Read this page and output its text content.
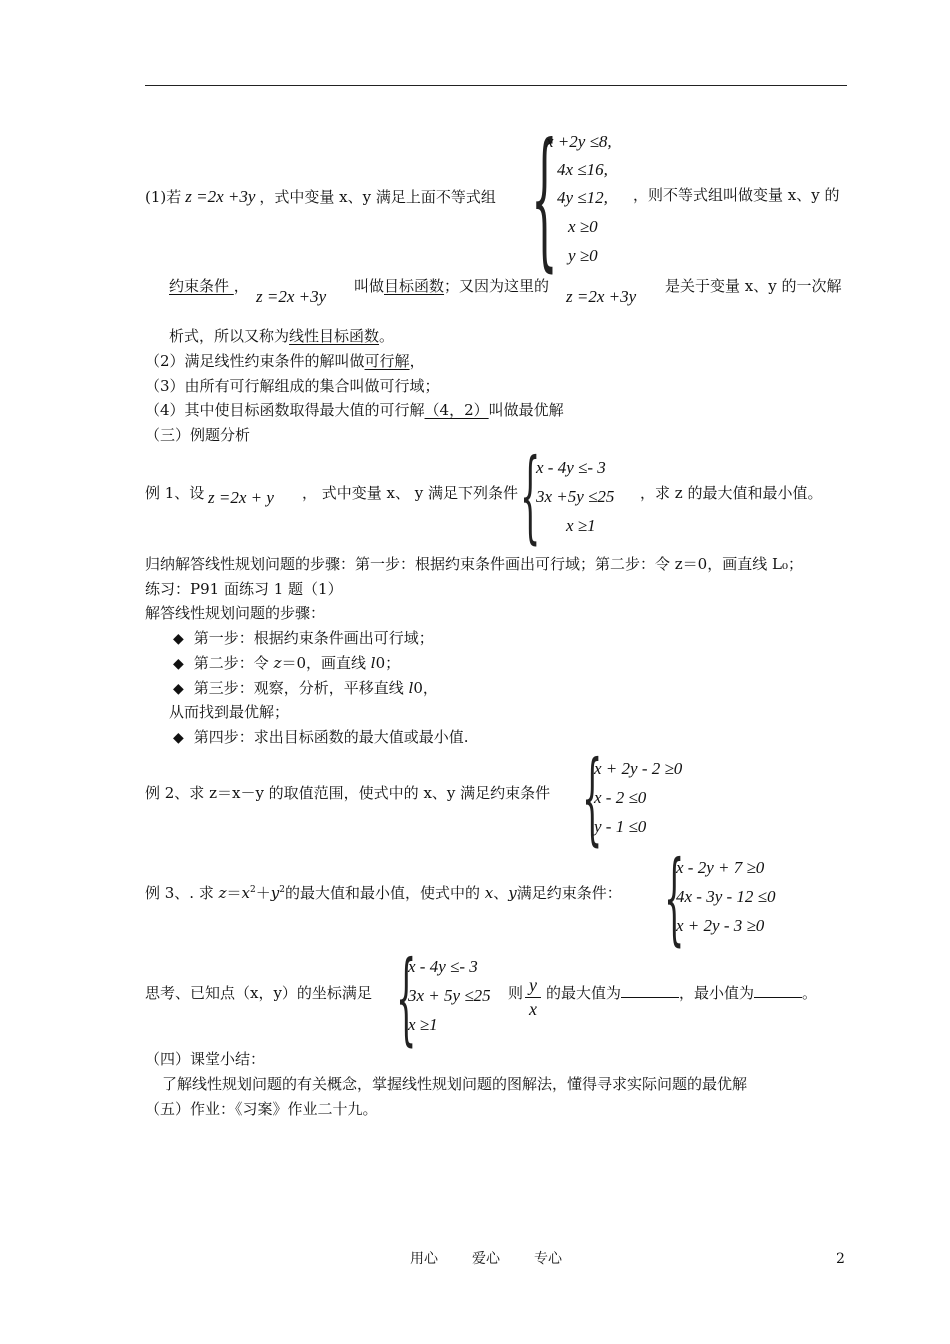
(1)若 z =2x +3y ，式中变量 x、y 满足上面不等式组 {
x +2y ≤8,
4x ≤16,
4y ≤12,
x ≥0
y ≥0
，则不等式组叫做变量 x、y 的
约束条件 ，
z =2x +3y
叫做目标函数；又因为这里的
z =2x +3y
是关于变量 x、y 的一次解
析式，所以又称为线性目标函数。
（2）满足线性约束条件的解叫做可行解，
（3）由所有可行解组成的集合叫做可行域；
（4）其中使目标函数取得最大值的可行解（4，2）叫做最优解
（三）例题分析
例 1、设 z =2x + y ， 式中变量 x、 y 满足下列条件 {
x - 4y ≤- 3
3x +5y ≤25
x ≥1
，求 z 的最大值和最小值。
归纳解答线性规划问题的步骤：第一步：根据约束条件画出可行域；第二步：令 z＝0，画直线 L₀；
练习：P91 面练习 1 题（1）
解答线性规划问题的步骤：
◆ 第一步：根据约束条件画出可行域；
◆ 第二步：令 z＝0，画直线 l0；
◆ 第三步：观察，分析，平移直线 l0，
从而找到最优解；
◆ 第四步：求出目标函数的最大值或最小值.
例 2、求 z＝x－y 的取值范围，使式中的 x、y 满足约束条件 {
x + 2y - 2 ≥0
x - 2 ≤0
y - 1 ≤0
例 3、. 求 $z=x^2+y^2$的最大值和最小值，使式中的 x、y满足约束条件： {
x - 2y + 7 ≥0
4x - 3y - 12 ≤0
x + 2y - 3 ≥0
思考、已知点（x，y）的坐标满足 {
x - 4y ≤- 3
3x + 5y ≤25
x ≥1
则 y
x
的最大值为	，最小值为	。
（四）课堂小结：
了解线性规划问题的有关概念，掌握线性规划问题的图解法，懂得寻求实际问题的最优解
（五）作业：《习案》作业二十九。
用心 爱心 专心	2
